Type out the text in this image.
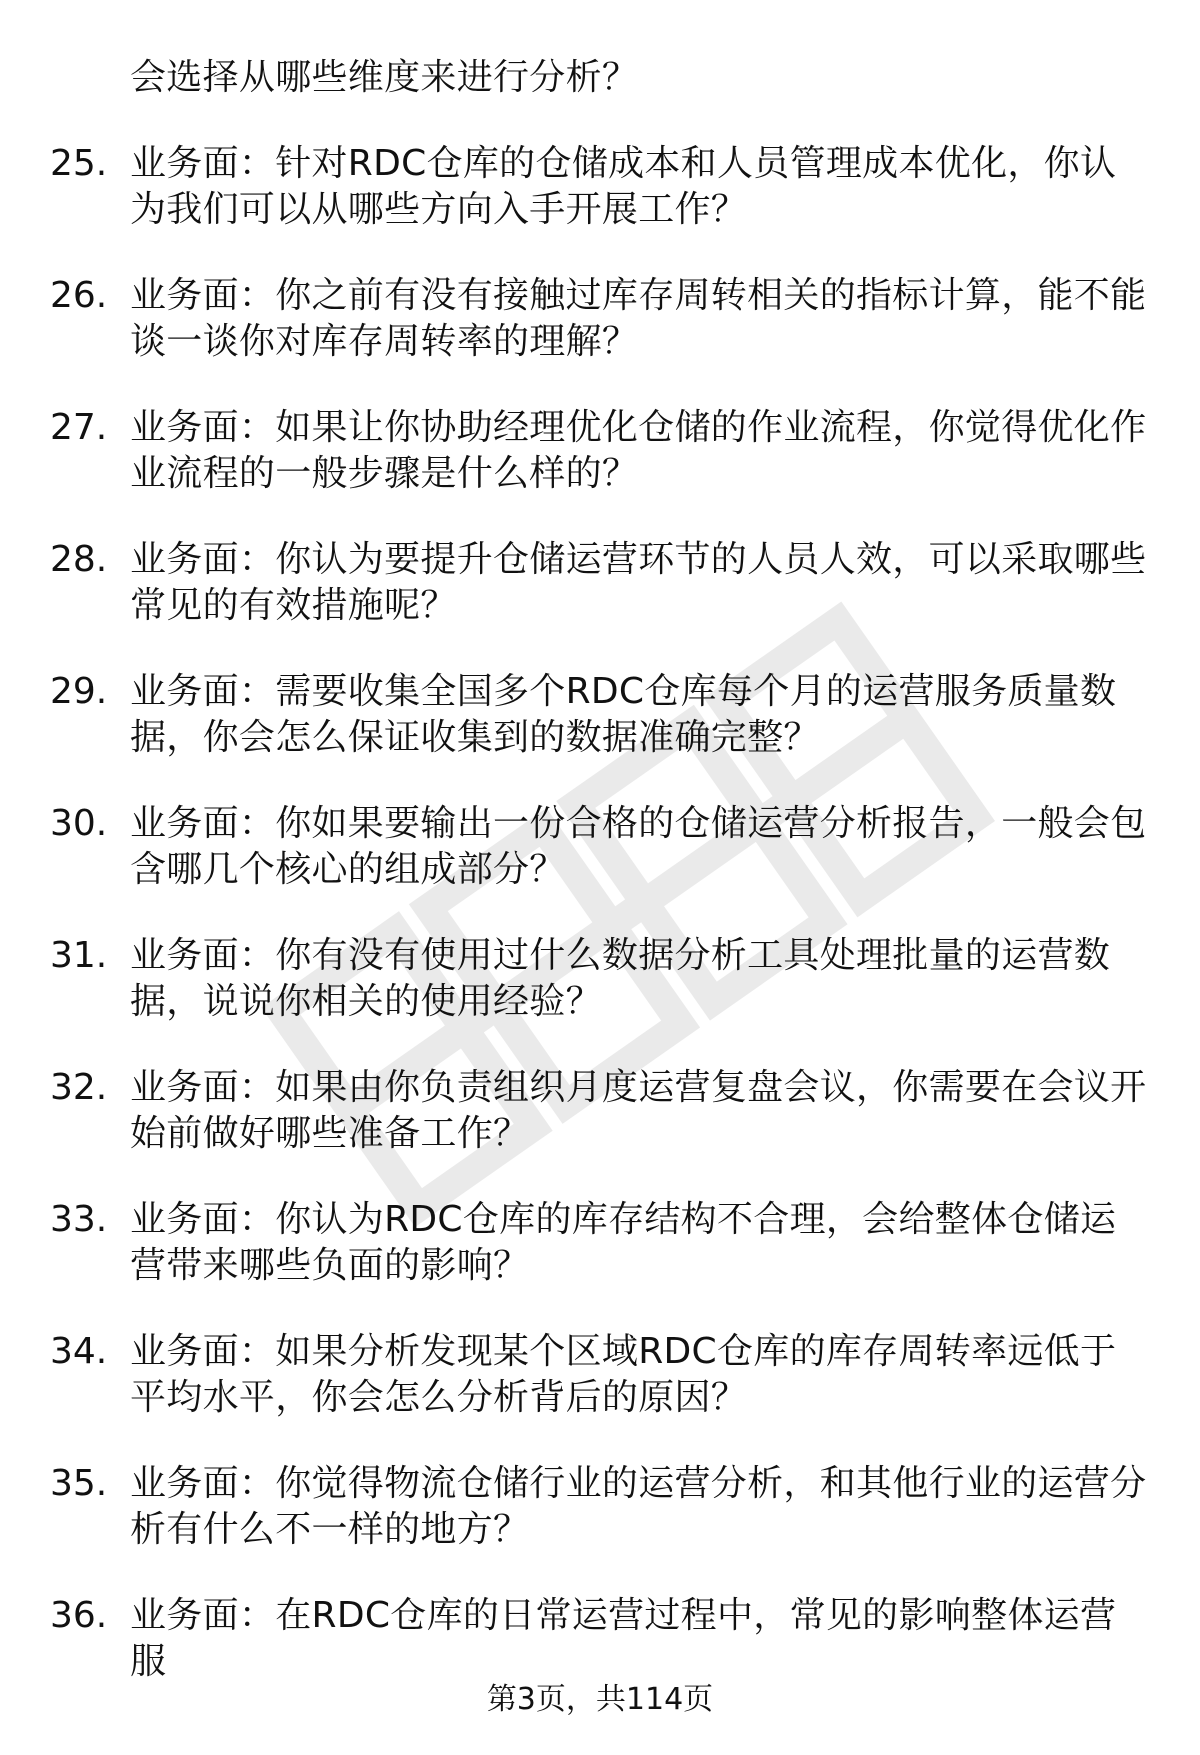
会选择从哪些维度来进行分析？
25. 业务面：针对RDC仓库的仓储成本和人员管理成本优化，你认为我们可以从哪些方向入手开展工作？
26. 业务面：你之前有没有接触过库存周转相关的指标计算，能不能谈一谈你对库存周转率的理解？
27. 业务面：如果让你协助经理优化仓储的作业流程，你觉得优化作业流程的一般步骤是什么样的？
28. 业务面：你认为要提升仓储运营环节的人员人效，可以采取哪些常见的有效措施呢？
29. 业务面：需要收集全国多个RDC仓库每个月的运营服务质量数据，你会怎么保证收集到的数据准确完整？
30. 业务面：你如果要输出一份合格的仓储运营分析报告，一般会包含哪几个核心的组成部分？
31. 业务面：你有没有使用过什么数据分析工具处理批量的运营数据，说说你相关的使用经验？
32. 业务面：如果由你负责组织月度运营复盘会议，你需要在会议开始前做好哪些准备工作？
33. 业务面：你认为RDC仓库的库存结构不合理，会给整体仓储运营带来哪些负面的影响？
34. 业务面：如果分析发现某个区域RDC仓库的库存周转率远低于平均水平，你会怎么分析背后的原因？
35. 业务面：你觉得物流仓储行业的运营分析，和其他行业的运营分析有什么不一样的地方？
36. 业务面：在RDC仓库的日常运营过程中，常见的影响整体运营服
第3页，共114页
